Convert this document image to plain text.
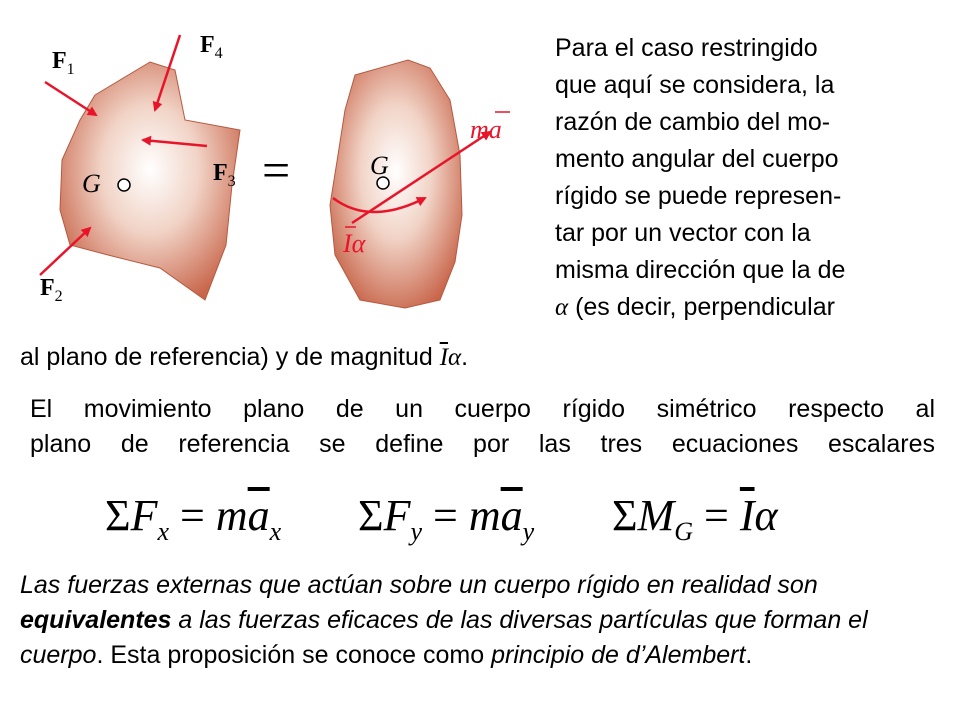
G
$F_1$
$F_2$
$F_3$
$F_4$
=	G
ma
Iα

Para el caso restringido
que aquí se considera, la
razón de cambio del mo-
mento angular del cuerpo
rígido se puede represen-
tar por un vector con la
misma dirección que la de
α (es decir, perpendicular

al plano de referencia) y de magnitud $\overline{I}\alpha$.

El movimiento plano de un cuerpo rígido simétrico respecto al
plano de referencia se define por las tres ecuaciones escalares

$\Sigma F_x = m\overline{a}_x$ $\Sigma F_y = m\overline{a}_y$ $\Sigma M_G = \overline{I}\alpha$

Las fuerzas externas que actúan sobre un cuerpo rígido en realidad son equivalentes a las fuerzas eficaces de las diversas partículas que forman el cuerpo. Esta proposición se conoce como principio de d’Alembert.
